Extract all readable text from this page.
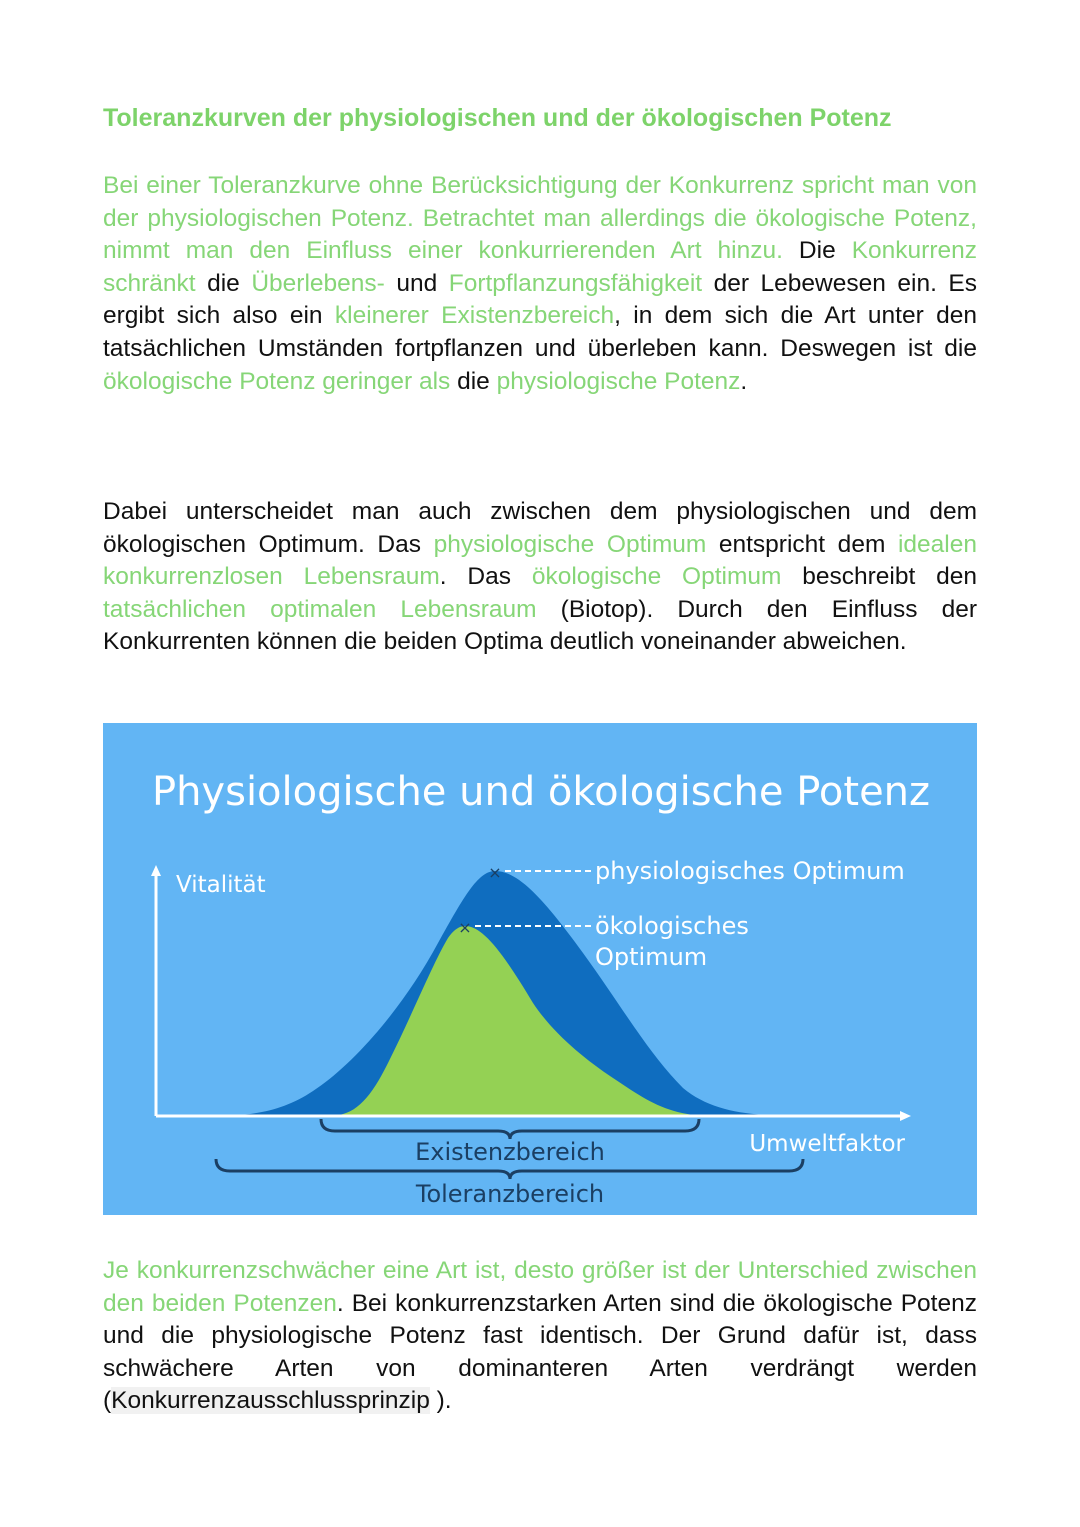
Toleranzkurven der physiologischen und der ökologischen Potenz
Bei einer Toleranzkurve ohne Berücksichtigung der Konkurrenz spricht man von der physiologischen Potenz. Betrachtet man allerdings die ökologische Potenz, nimmt man den Einfluss einer konkurrierenden Art hinzu. Die Konkurrenz schränkt die Überlebens- und Fortpflanzungsfähigkeit der Lebewesen ein. Es ergibt sich also ein kleinerer Existenzbereich, in dem sich die Art unter den tatsächlichen Umständen fortpflanzen und überleben kann. Deswegen ist die ökologische Potenz geringer als die physiologische Potenz.
Dabei unterscheidet man auch zwischen dem physiologischen und dem ökologischen Optimum. Das physiologische Optimum entspricht dem idealen konkurrenzlosen Lebensraum. Das ökologische Optimum beschreibt den tatsächlichen optimalen Lebensraum (Biotop). Durch den Einfluss der Konkurrenten können die beiden Optima deutlich voneinander abweichen.
Je konkurrenzschwächer eine Art ist, desto größer ist der Unterschied zwischen den beiden Potenzen. Bei konkurrenzstarken Arten sind die ökologische Potenz und die physiologische Potenz fast identisch. Der Grund dafür ist, dass schwächere Arten von dominanteren Arten verdrängt werden (Konkurrenzausschlussprinzip ).
Physiologische und ökologische Potenz
Vitalität
Umweltfaktor
×	physiologisches Optimum
×	ökologisches
Optimum
Existenzbereich
Toleranzbereich
